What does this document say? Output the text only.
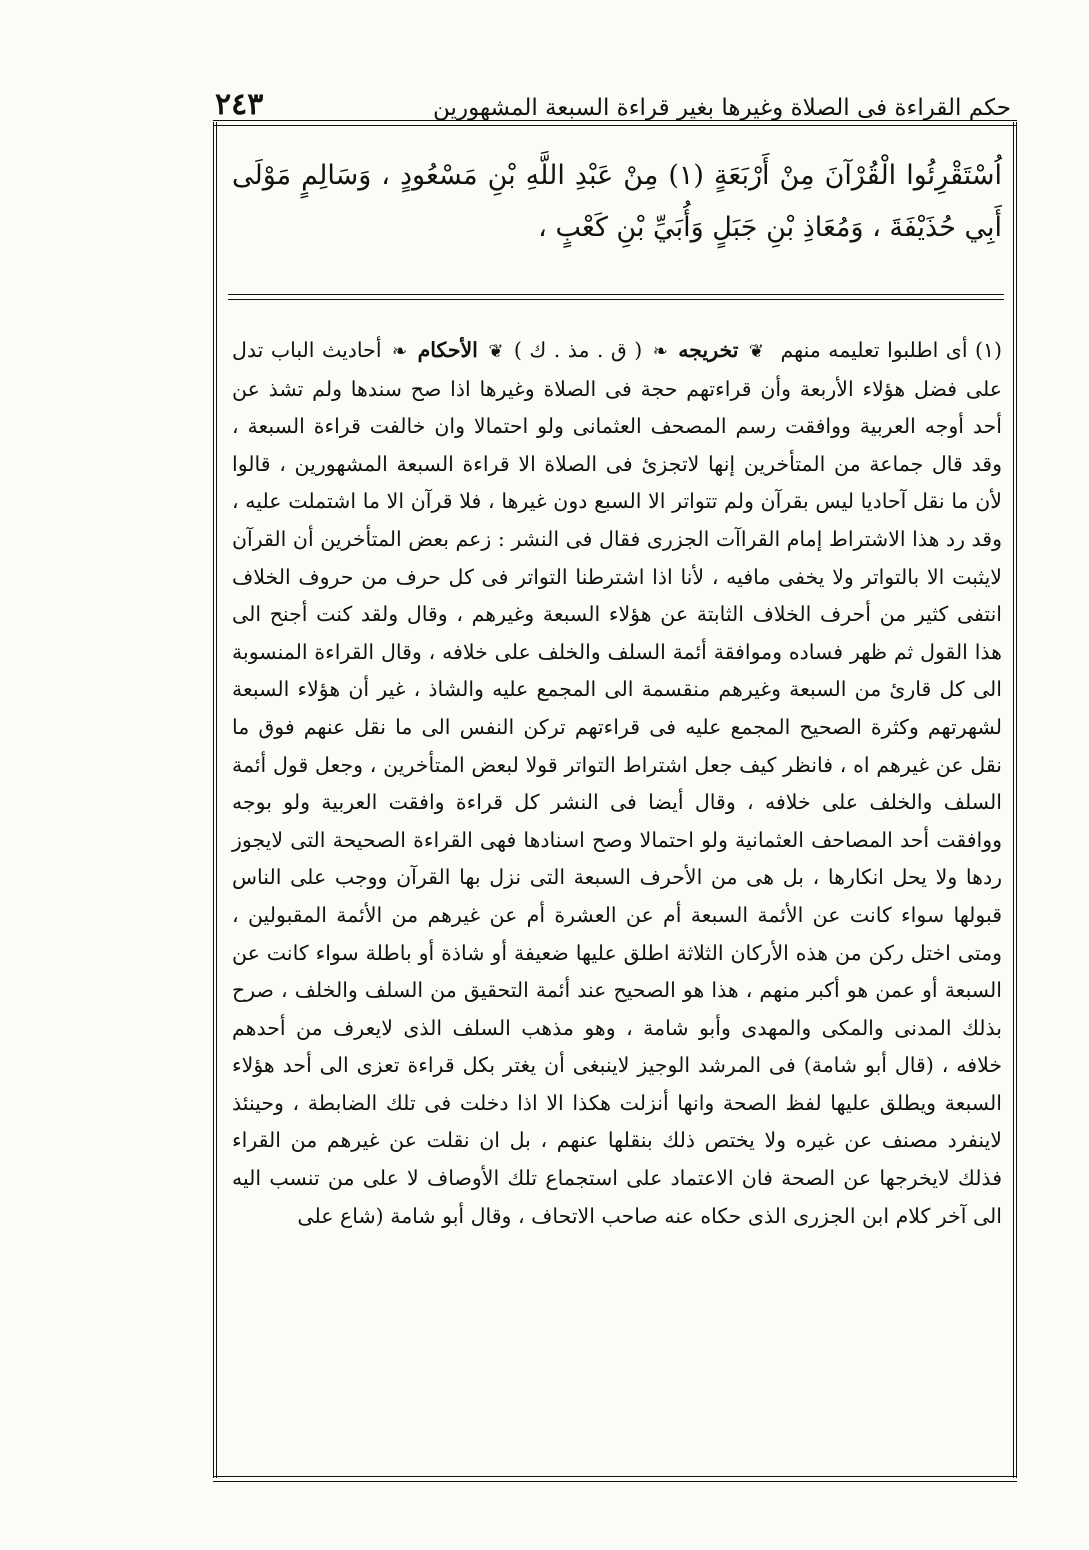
حكم القراءة فى الصلاة وغيرها بغير قراءة السبعة المشهورين
٢٤٣
اُسْتَقْرِئُوا الْقُرْآنَ مِنْ أَرْبَعَةٍ (١) مِنْ عَبْدِ اللَّهِ بْنِ مَسْعُودٍ ، وَسَالِمٍ مَوْلَى أَبِي حُذَيْفَةَ ، وَمُعَاذِ بْنِ جَبَلٍ وَأُبَيِّ بْنِ كَعْبٍ ،
(١) أى اطلبوا تعليمه منهم ❦ تخريجه ❧ ( ق . مذ . ك ) ❦ الأحكام ❧ أحاديث الباب تدل على فضل هؤلاء الأربعة وأن قراءتهم حجة فى الصلاة وغيرها اذا صح سندها ولم تشذ عن أحد أوجه العربية ووافقت رسم المصحف العثمانى ولو احتمالا وان خالفت قراءة السبعة ، وقد قال جماعة من المتأخرين إنها لاتجزئ فى الصلاة الا قراءة السبعة المشهورين ، قالوا لأن ما نقل آحاديا ليس بقرآن ولم تتواتر الا السبع دون غيرها ، فلا قرآن الا ما اشتملت عليه ، وقد رد هذا الاشتراط إمام القراآت الجزرى فقال فى النشر : زعم بعض المتأخرين أن القرآن لايثبت الا بالتواتر ولا يخفى مافيه ، لأنا اذا اشترطنا التواتر فى كل حرف من حروف الخلاف انتفى كثير من أحرف الخلاف الثابتة عن هؤلاء السبعة وغيرهم ، وقال ولقد كنت أجنح الى هذا القول ثم ظهر فساده وموافقة أئمة السلف والخلف على خلافه ، وقال القراءة المنسوبة الى كل قارئ من السبعة وغيرهم منقسمة الى المجمع عليه والشاذ ، غير أن هؤلاء السبعة لشهرتهم وكثرة الصحيح المجمع عليه فى قراءتهم تركن النفس الى ما نقل عنهم فوق ما نقل عن غيرهم اه ، فانظر كيف جعل اشتراط التواتر قولا لبعض المتأخرين ، وجعل قول أئمة السلف والخلف على خلافه ، وقال أيضا فى النشر كل قراءة وافقت العربية ولو بوجه ووافقت أحد المصاحف العثمانية ولو احتمالا وصح اسنادها فهى القراءة الصحيحة التى لايجوز ردها ولا يحل انكارها ، بل هى من الأحرف السبعة التى نزل بها القرآن ووجب على الناس قبولها سواء كانت عن الأئمة السبعة أم عن العشرة أم عن غيرهم من الأئمة المقبولين ، ومتى اختل ركن من هذه الأركان الثلاثة اطلق عليها ضعيفة أو شاذة أو باطلة سواء كانت عن السبعة أو عمن هو أكبر منهم ، هذا هو الصحيح عند أئمة التحقيق من السلف والخلف ، صرح بذلك المدنى والمكى والمهدى وأبو شامة ، وهو مذهب السلف الذى لايعرف من أحدهم خلافه ، (قال أبو شامة) فى المرشد الوجيز لاينبغى أن يغتر بكل قراءة تعزى الى أحد هؤلاء السبعة ويطلق عليها لفظ الصحة وانها أنزلت هكذا الا اذا دخلت فى تلك الضابطة ، وحينئذ لاينفرد مصنف عن غيره ولا يختص ذلك بنقلها عنهم ، بل ان نقلت عن غيرهم من القراء فذلك لايخرجها عن الصحة فان الاعتماد على استجماع تلك الأوصاف لا على من تنسب اليه الى آخر كلام ابن الجزرى الذى حكاه عنه صاحب الاتحاف ، وقال أبو شامة (شاع على
